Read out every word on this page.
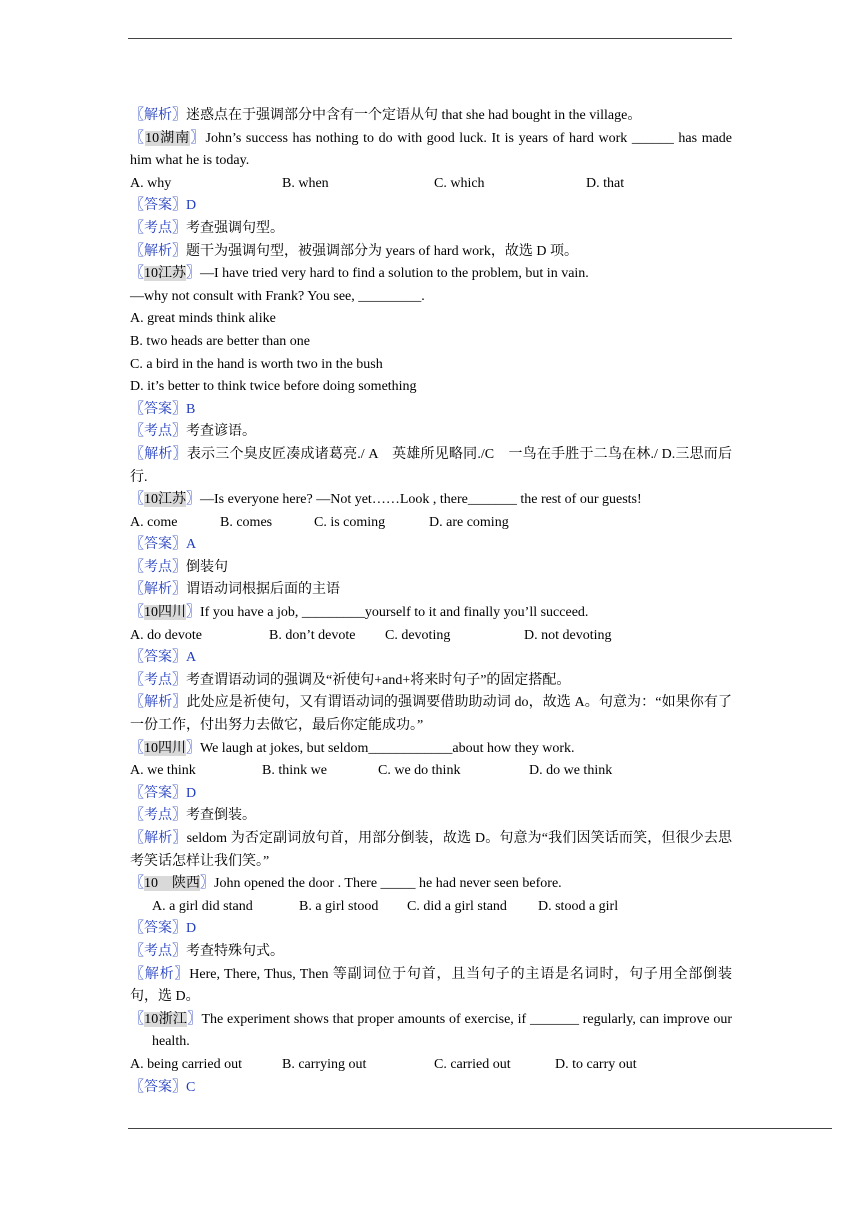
〖解析〗迷惑点在于强调部分中含有一个定语从句 that she had bought in the village。
〖10湖南〗John’s success has nothing to do with good luck. It is years of hard work ______ has made him what he is today.
A. why	B. when	C. which	D. that
〖答案〗D
〖考点〗考查强调句型。
〖解析〗题干为强调句型，被强调部分为 years of hard work，故选 D 项。
〖10江苏〗—I have tried very hard to find a solution to the problem, but in vain.
—why not consult with Frank? You see, _________.
A. great minds think alike
B. two heads are better than one
C. a bird in the hand is worth two in the bush
D. it’s better to think twice before doing something
〖答案〗B
〖考点〗考查谚语。
〖解析〗表示三个臭皮匠凑成诸葛亮./ A　英雄所见略同./C　一鸟在手胜于二鸟在林./ D.三思而后行.
〖10江苏〗—Is everyone here? —Not yet……Look , there_______ the rest of our guests!
A. come	B. comes	C. is coming	D. are coming
〖答案〗A
〖考点〗倒装句
〖解析〗谓语动词根据后面的主语
〖10四川〗If you have a job, _________yourself to it and finally you’ll succeed.
A. do devote	B. don’t devote	C. devoting	D. not devoting
〖答案〗A
〖考点〗考查谓语动词的强调及“祈使句+and+将来时句子”的固定搭配。
〖解析〗此处应是祈使句，又有谓语动词的强调要借助助动词 do，故选 A。句意为：“如果你有了一份工作，付出努力去做它，最后你定能成功。”
〖10四川〗We laugh at jokes, but seldom____________about how they work.
A. we think	B. think we	C. we do think	D. do we think
〖答案〗D
〖考点〗考查倒装。
〖解析〗seldom 为否定副词放句首，用部分倒装，故选 D。句意为“我们因笑话而笑，但很少去思考笑话怎样让我们笑。”
〖10　陕西〗John opened the door . There _____ he had never seen before.
A. a girl did stand	B. a girl stood	C. did a girl stand	D. stood a girl
〖答案〗D
〖考点〗考查特殊句式。
〖解析〗Here, There, Thus, Then 等副词位于句首，且当句子的主语是名词时，句子用全部倒装句，选 D。
〖10浙江〗The experiment shows that proper amounts of exercise, if _______ regularly, can improve our health.
A. being carried out	B. carrying out	C. carried out	D. to carry out
〖答案〗C
